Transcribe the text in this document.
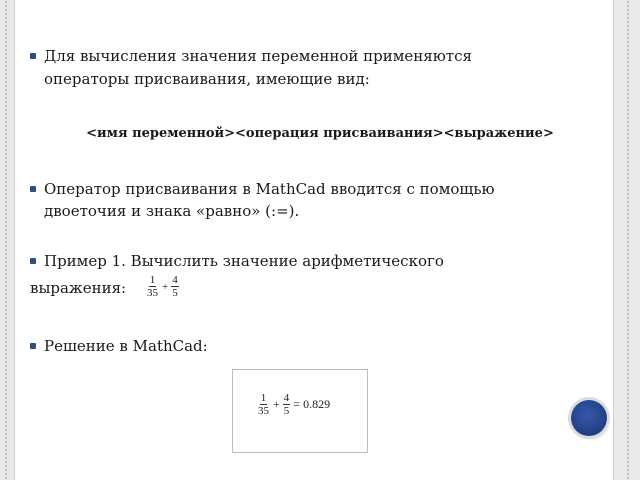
Для вычисления значения переменной применяются
операторы присваивания, имеющие вид:
<имя переменной><операция присваивания><выражение>
Оператор присваивания в MathCad вводится с помощью
двоеточия и знака «равно» (:=).
Пример 1. Вычислить значение арифметического
выражения: $\frac{1}{35} + \frac{4}{5}$
Решение в MathCad:
$\frac{1}{35} + \frac{4}{5} = 0.829$
